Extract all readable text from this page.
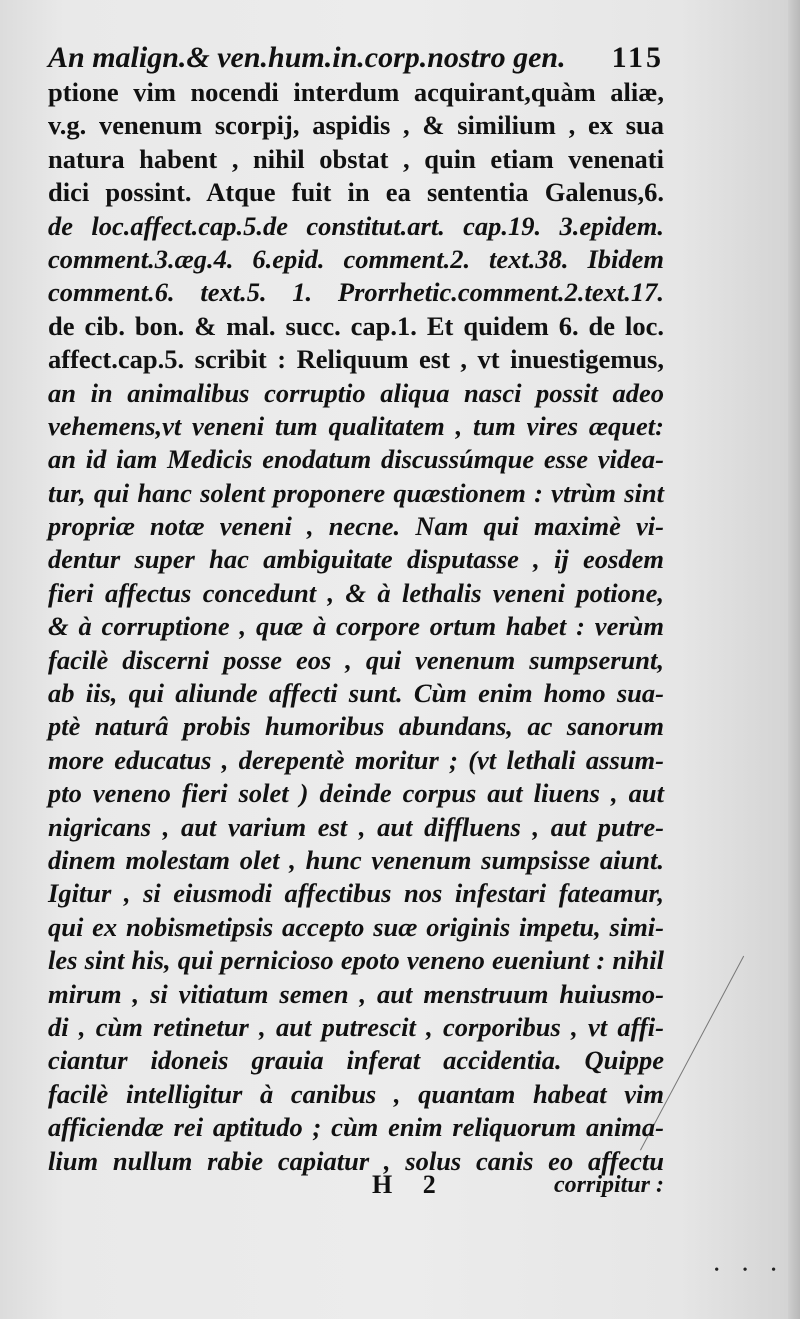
An malign.& ven.hum.in.corp.nostro gen. 115
ptione vim nocendi interdum acquirant,quàm aliæ,
v.g. venenum scorpij, aspidis , & similium , ex sua
natura habent , nihil obstat , quin etiam venenati
dici possint. Atque fuit in ea sententia Galenus,6.
de loc.affect.cap.5.de constitut.art. cap.19. 3.epidem.
comment.3.æg.4. 6.epid. comment.2. text.38. Ibidem
comment.6. text.5. 1. Prorrhetic.comment.2.text.17.
de cib. bon. & mal. succ. cap.1. Et quidem 6. de loc.
affect.cap.5. scribit : Reliquum est , vt inuestigemus,
an in animalibus corruptio aliqua nasci possit adeo
vehemens,vt veneni tum qualitatem , tum vires æquet:
an id iam Medicis enodatum discussúmque esse videa-
tur, qui hanc solent proponere quæstionem : vtrùm sint
propriæ notæ veneni , necne. Nam qui maximè vi-
dentur super hac ambiguitate disputasse , ij eosdem
fieri affectus concedunt , & à lethalis veneni potione,
& à corruptione , quæ à corpore ortum habet : verùm
facilè discerni posse eos , qui venenum sumpserunt,
ab iis, qui aliunde affecti sunt. Cùm enim homo sua-
ptè naturâ probis humoribus abundans, ac sanorum
more educatus , derepentè moritur ; (vt lethali assum-
pto veneno fieri solet ) deinde corpus aut liuens , aut
nigricans , aut varium est , aut diffluens , aut putre-
dinem molestam olet , hunc venenum sumpsisse aiunt.
Igitur , si eiusmodi affectibus nos infestari fateamur,
qui ex nobismetipsis accepto suæ originis impetu, simi-
les sint his, qui pernicioso epoto veneno eueniunt : nihil
mirum , si vitiatum semen , aut menstruum huiusmo-
di , cùm retinetur , aut putrescit , corporibus , vt affi-
ciantur idoneis grauia inferat accidentia. Quippe
facilè intelligitur à canibus , quantam habeat vim
afficiendæ rei aptitudo ; cùm enim reliquorum anima-
lium nullum rabie capiatur , solus canis eo affectu
H 2	corripitur :
• • •
